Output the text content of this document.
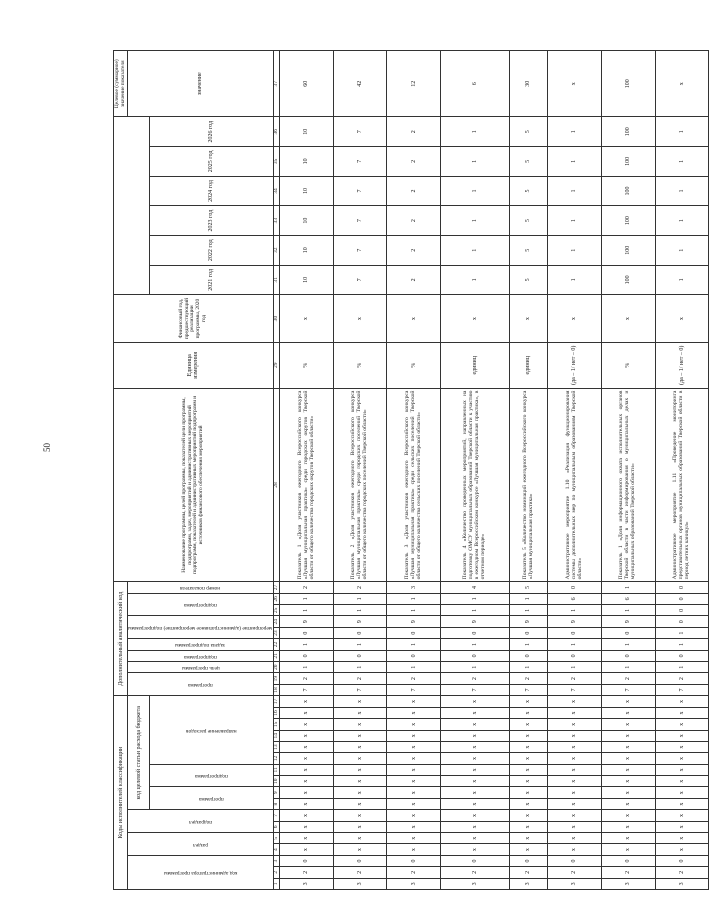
50
Коды исполнителей классификации																	Дополнительный аналитический код										Наименование программы, целей программы, показателей цели программы, подпрограмм, задач, мероприятий и административных мероприятий подпрограмм, показателей и административных мероприятий подпрограмм и источников финансового обеспечения мероприятий	Единица измерения	Финансовый год, предшествующий реализации программы, 2020 год							Целевое (суммарное) значение показателя

код администратора программы			раздел		подраздел		код целевой статьи расхода бюджета										программа		цель программы	подпрограмма	задача подпрограммы	мероприятие (административное мероприятие) подпрограммы		подпрограмма		номер показателя										значение

							программа		подпрограмма		направление расходов																			2021 год	2022 год	2023 год	2024 год	2025 год	2026 год	
1	2	3	4	5	6	7	8	9	10	11	12	13	14	15	16	17	18	19	20	21	22	23	24	25	26	27	28	29	30	31	32	33	34	35	36	37
3	2	0	х	х	х	х	х	х	х	х	х	х	х	х	х	х	7	2	1	0	1	0	9	1	1	2	Показатель 1 «Доля участников ежегодного Всероссийского конкурса «Лучшая муниципальная практика» среди городских округов Тверской области от общего количества городских округов Тверской области»	%	х	10	10	10	10	10	10	60
3	2	0	х	х	х	х	х	х	х	х	х	х	х	х	х	х	7	2	1	0	1	0	9	1	1	2	Показатель 2 «Доля участников ежегодного Всероссийского конкурса «Лучшая муниципальная практика» среди городских поселений Тверской области от общего количества городских поселений Тверской области»	%	х	7	7	7	7	7	7	42
3	2	0	х	х	х	х	х	х	х	х	х	х	х	х	х	х	7	2	1	0	1	0	9	1	1	3	Показатель 3 «Доля участников ежегодного Всероссийского конкурса «Лучшая муниципальная практика» среди сельских поселений Тверской области от общего количества сельских поселений Тверской области»	%	х	2	2	2	2	2	2	12
3	2	0	х	х	х	х	х	х	х	х	х	х	х	х	х	х	7	2	1	0	1	0	9	1	1	4	Показатель 4 «Количество проведенных мероприятий, направленных на подготовку ОМСУ муниципальных образований Тверской области к участию в ежегодном Всероссийском конкурсе «Лучшая муниципальная практика», в отчетном периоде»	единиц	х	1	1	1	1	1	1	6
3	2	0	х	х	х	х	х	х	х	х	х	х	х	х	х	х	7	2	1	0	1	0	9	1	1	5	Показатель 5 «Количество номинаций ежегодного Всероссийского конкурса «Лучшая муниципальная практика»	единиц	х	5	5	5	5	5	5	30
3	2	0	х	х	х	х	х	х	х	х	х	х	х	х	х	х	7	2	1	0	1	0	9	1	6	0	Административное мероприятие 1.10 «Реализация функционирования системы дополнительных мер по муниципальным образованиям Тверской области»	(да – 1/ нет – 0)	х	1	1	1	1	1	1	х
3	2	0	х	х	х	х	х	х	х	х	х	х	х	х	х	х	7	2	1	0	1	0	9	1	6	1	Показатель 1 «Доля информационного охвата исполнительных органов Тверской области в части информирования о муниципальных делах и муниципальных образований Тверской области»	%	х	100	100	100	100	100	100	100
3	2	0	х	х	х	х	х	х	х	х	х	х	х	х	х	х	7	2	1	0	1	1	0	0	0	0	Административное мероприятие 1.11 «Проведение мониторинга представительных органов муниципальных образований Тверской области в период летних каникул»	(да – 1/ нет – 0)	х	1	1	1	1	1	1	х
